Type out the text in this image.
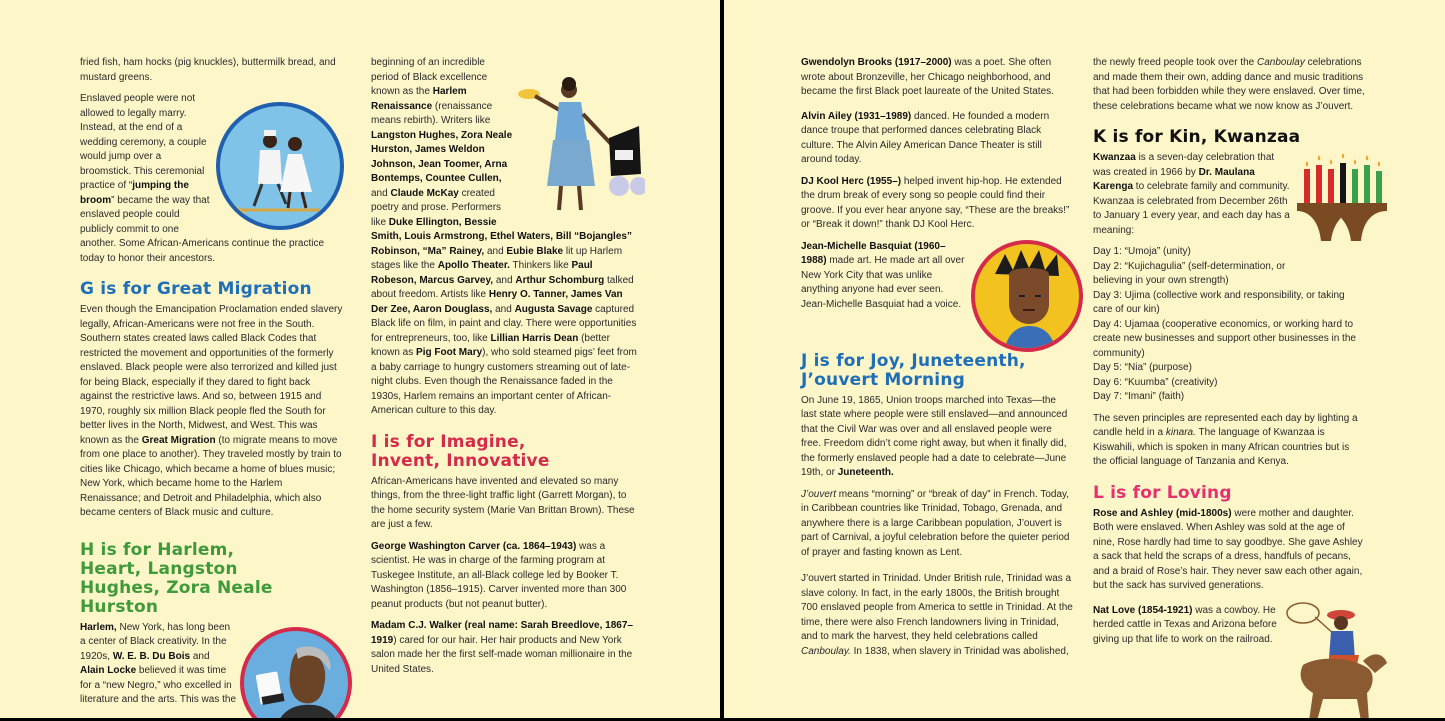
fried fish, ham hocks (pig knuckles), buttermilk bread, and mustard greens.

Enslaved people were not allowed to legally marry. Instead, at the end of a wedding ceremony, a couple would jump over a broomstick. This ceremonial practice of “jumping the broom” became the way that enslaved people could publicly commit to one another. Some African-Americans continue the practice today to honor their ancestors.

G is for Great Migration

Even though the Emancipation Proclamation ended slavery legally, African-Americans were not free in the South. Southern states created laws called Black Codes that restricted the movement and opportunities of the formerly enslaved. Black people were also terrorized and killed just for being Black, especially if they dared to fight back against the restrictive laws. And so, between 1915 and 1970, roughly six million Black people fled the South for better lives in the North, Midwest, and West. This was known as the Great Migration (to migrate means to move from one place to another). They traveled mostly by train to cities like Chicago, which became a home of blues music; New York, which became home to the Harlem Renaissance; and Detroit and Philadelphia, which also became centers of Black music and culture.

H is for Harlem, Heart, Langston Hughes, Zora Neale Hurston

Harlem, New York, has long been a center of Black creativity. In the 1920s, W. E. B. Du Bois and Alain Locke believed it was time for a “new Negro,” who excelled in literature and the arts. This was the

beginning of an incredible period of Black excellence known as the Harlem Renaissance (renaissance means rebirth). Writers like Langston Hughes, Zora Neale Hurston, James Weldon Johnson, Jean Toomer, Arna Bontemps, Countee Cullen, and Claude McKay created poetry and prose. Performers like Duke Ellington, Bessie Smith, Louis Armstrong, Ethel Waters, Bill “Bojangles” Robinson, “Ma” Rainey, and Eubie Blake lit up Harlem stages like the Apollo Theater. Thinkers like Paul Robeson, Marcus Garvey, and Arthur Schomburg talked about freedom. Artists like Henry O. Tanner, James Van Der Zee, Aaron Douglass, and Augusta Savage captured Black life on film, in paint and clay. There were opportunities for entrepreneurs, too, like Lillian Harris Dean (better known as Pig Foot Mary), who sold steamed pigs’ feet from a baby carriage to hungry customers streaming out of late-night clubs. Even though the Renaissance faded in the 1930s, Harlem remains an important center of African-American culture to this day.

I is for Imagine, Invent, Innovative

African-Americans have invented and elevated so many things, from the three-light traffic light (Garrett Morgan), to the home security system (Marie Van Brittan Brown). These are just a few.

George Washington Carver (ca. 1864–1943) was a scientist. He was in charge of the farming program at Tuskegee Institute, an all-Black college led by Booker T. Washington (1856–1915). Carver invented more than 300 peanut products (but not peanut butter).

Madam C.J. Walker (real name: Sarah Breedlove, 1867–1919) cared for our hair. Her hair products and New York salon made her the first self-made woman millionaire in the United States.

Gwendolyn Brooks (1917–2000) was a poet. She often wrote about Bronzeville, her Chicago neighborhood, and became the first Black poet laureate of the United States.

Alvin Ailey (1931–1989) danced. He founded a modern dance troupe that performed dances celebrating Black culture. The Alvin Ailey American Dance Theater is still around today.

DJ Kool Herc (1955–) helped invent hip-hop. He extended the drum break of every song so people could find their groove. If you ever hear anyone say, “These are the breaks!” or “Break it down!” thank DJ Kool Herc.

Jean-Michelle Basquiat (1960–1988) made art. He made art all over New York City that was unlike anything anyone had ever seen. Jean-Michelle Basquiat had a voice.

J is for Joy, Juneteenth, J’ouvert Morning

On June 19, 1865, Union troops marched into Texas—the last state where people were still enslaved—and announced that the Civil War was over and all enslaved people were free. Freedom didn’t come right away, but when it finally did, the formerly enslaved people had a date to celebrate—June 19th, or Juneteenth.

J’ouvert means “morning” or “break of day” in French. Today, in Caribbean countries like Trinidad, Tobago, Grenada, and anywhere there is a large Caribbean population, J’ouvert is part of Carnival, a joyful celebration before the quieter period of prayer and fasting known as Lent.

J’ouvert started in Trinidad. Under British rule, Trinidad was a slave colony. In fact, in the early 1800s, the British brought 700 enslaved people from America to settle in Trinidad. At the time, there were also French landowners living in Trinidad, and to mark the harvest, they held celebrations called Canboulay. In 1838, when slavery in Trinidad was abolished,

the newly freed people took over the Canboulay celebrations and made them their own, adding dance and music traditions that had been forbidden while they were enslaved. Over time, these celebrations became what we now know as J’ouvert.

K is for Kin, Kwanzaa

Kwanzaa is a seven-day celebration that was created in 1966 by Dr. Maulana Karenga to celebrate family and community. Kwanzaa is celebrated from December 26th to January 1 every year, and each day has a meaning:

Day 1: “Umoja” (unity)
Day 2: “Kujichagulia” (self-determination, or believing in your own strength)
Day 3: Ujima (collective work and responsibility, or taking care of our kin)
Day 4: Ujamaa (cooperative economics, or working hard to create new businesses and support other businesses in the community)
Day 5: “Nia” (purpose)
Day 6: “Kuumba” (creativity)
Day 7: “Imani” (faith)

The seven principles are represented each day by lighting a candle held in a kinara. The language of Kwanzaa is Kiswahili, which is spoken in many African countries but is the official language of Tanzania and Kenya.

L is for Loving

Rose and Ashley (mid-1800s) were mother and daughter. Both were enslaved. When Ashley was sold at the age of nine, Rose hardly had time to say goodbye. She gave Ashley a sack that held the scraps of a dress, handfuls of pecans, and a braid of Rose’s hair. They never saw each other again, but the sack has survived generations.

Nat Love (1854-1921) was a cowboy. He herded cattle in Texas and Arizona before giving up that life to work on the railroad.
